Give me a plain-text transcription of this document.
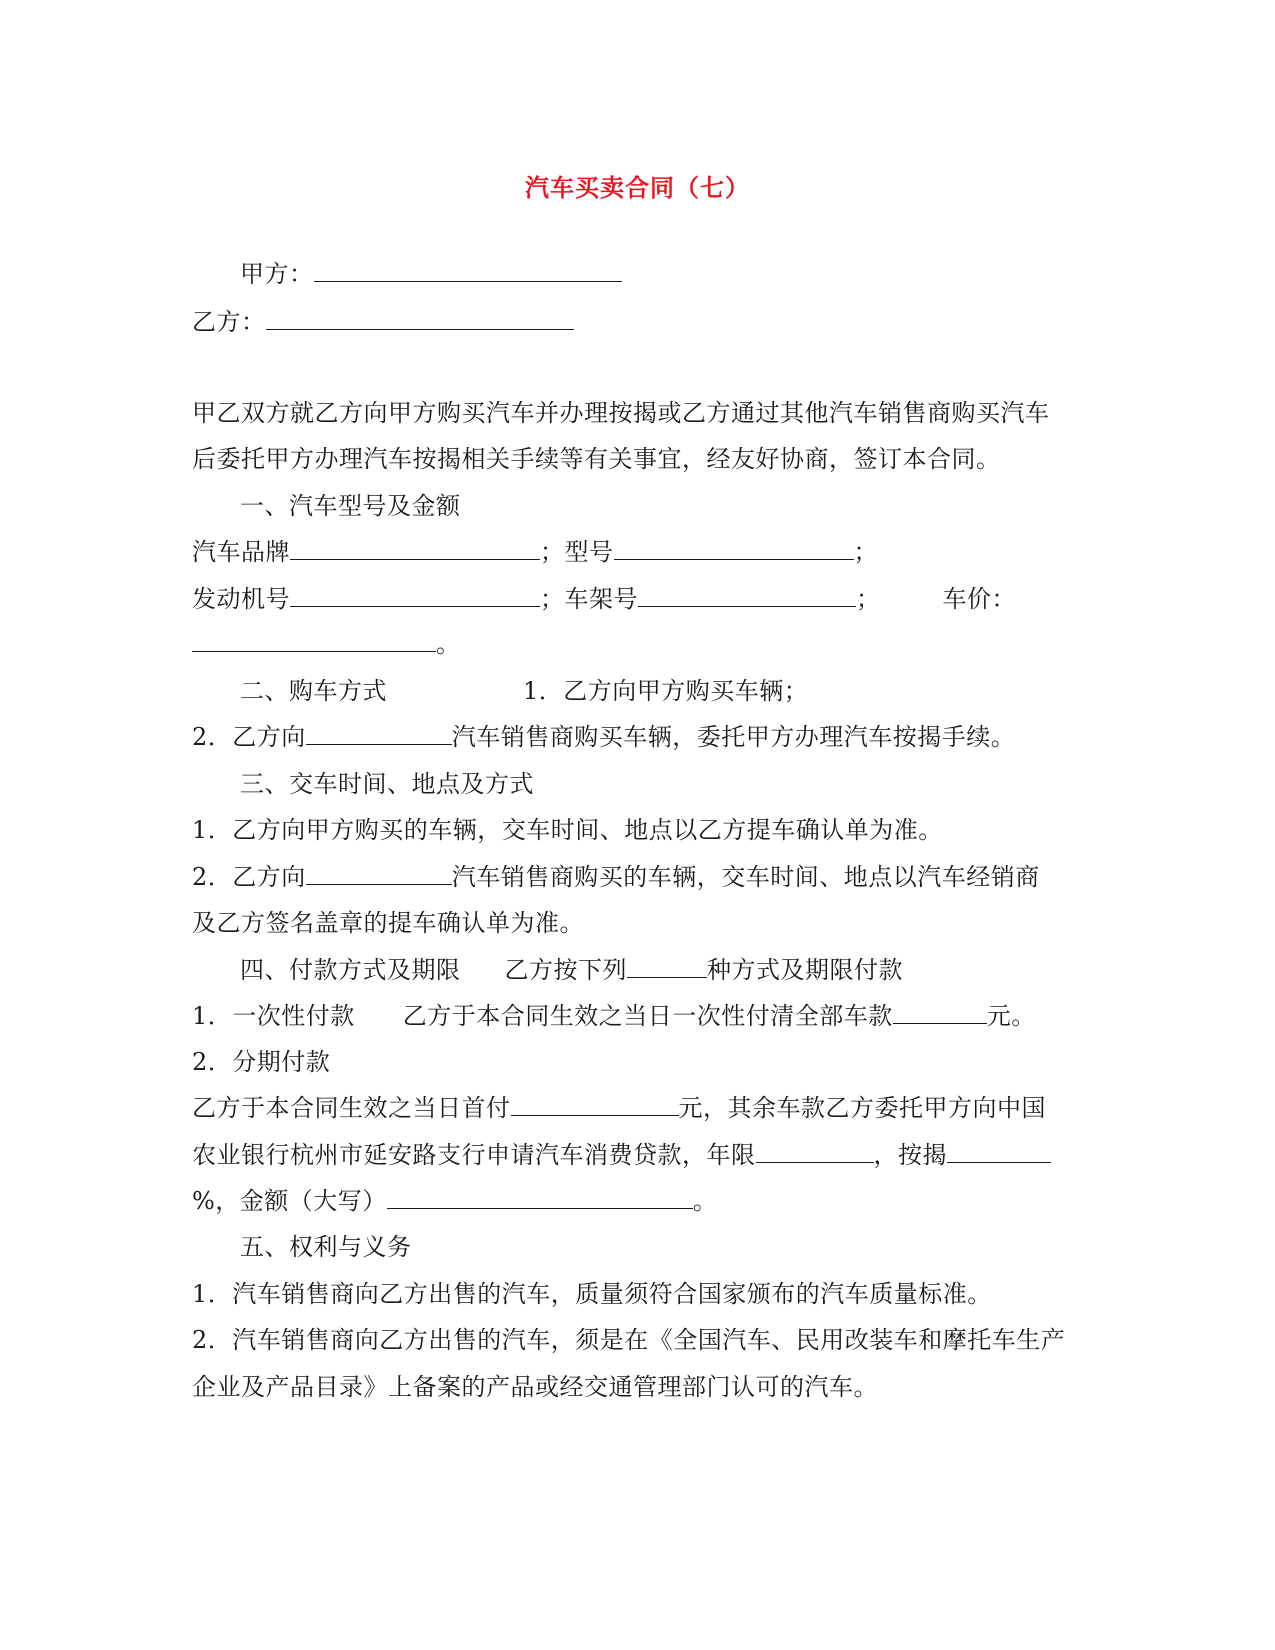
汽车买卖合同（七）
甲方：
乙方：
甲乙双方就乙方向甲方购买汽车并办理按揭或乙方通过其他汽车销售商购买汽车
后委托甲方办理汽车按揭相关手续等有关事宜，经友好协商，签订本合同。
一、汽车型号及金额
汽车品牌	；型号	；
发动机号	；车架号	；	车价：
。
二、购车方式	1．乙方向甲方购买车辆；
2．乙方向	汽车销售商购买车辆，委托甲方办理汽车按揭手续。
三、交车时间、地点及方式
1．乙方向甲方购买的车辆，交车时间、地点以乙方提车确认单为准。
2．乙方向	汽车销售商购买的车辆，交车时间、地点以汽车经销商
及乙方签名盖章的提车确认单为准。
四、付款方式及期限 乙方按下列	种方式及期限付款
1．一次性付款 乙方于本合同生效之当日一次性付清全部车款	元。
2．分期付款
乙方于本合同生效之当日首付	元，其余车款乙方委托甲方向中国
农业银行杭州市延安路支行申请汽车消费贷款，年限	，按揭
%，金额（大写）	。
五、权利与义务
1．汽车销售商向乙方出售的汽车，质量须符合国家颁布的汽车质量标准。
2．汽车销售商向乙方出售的汽车，须是在《全国汽车、民用改装车和摩托车生产
企业及产品目录》上备案的产品或经交通管理部门认可的汽车。
